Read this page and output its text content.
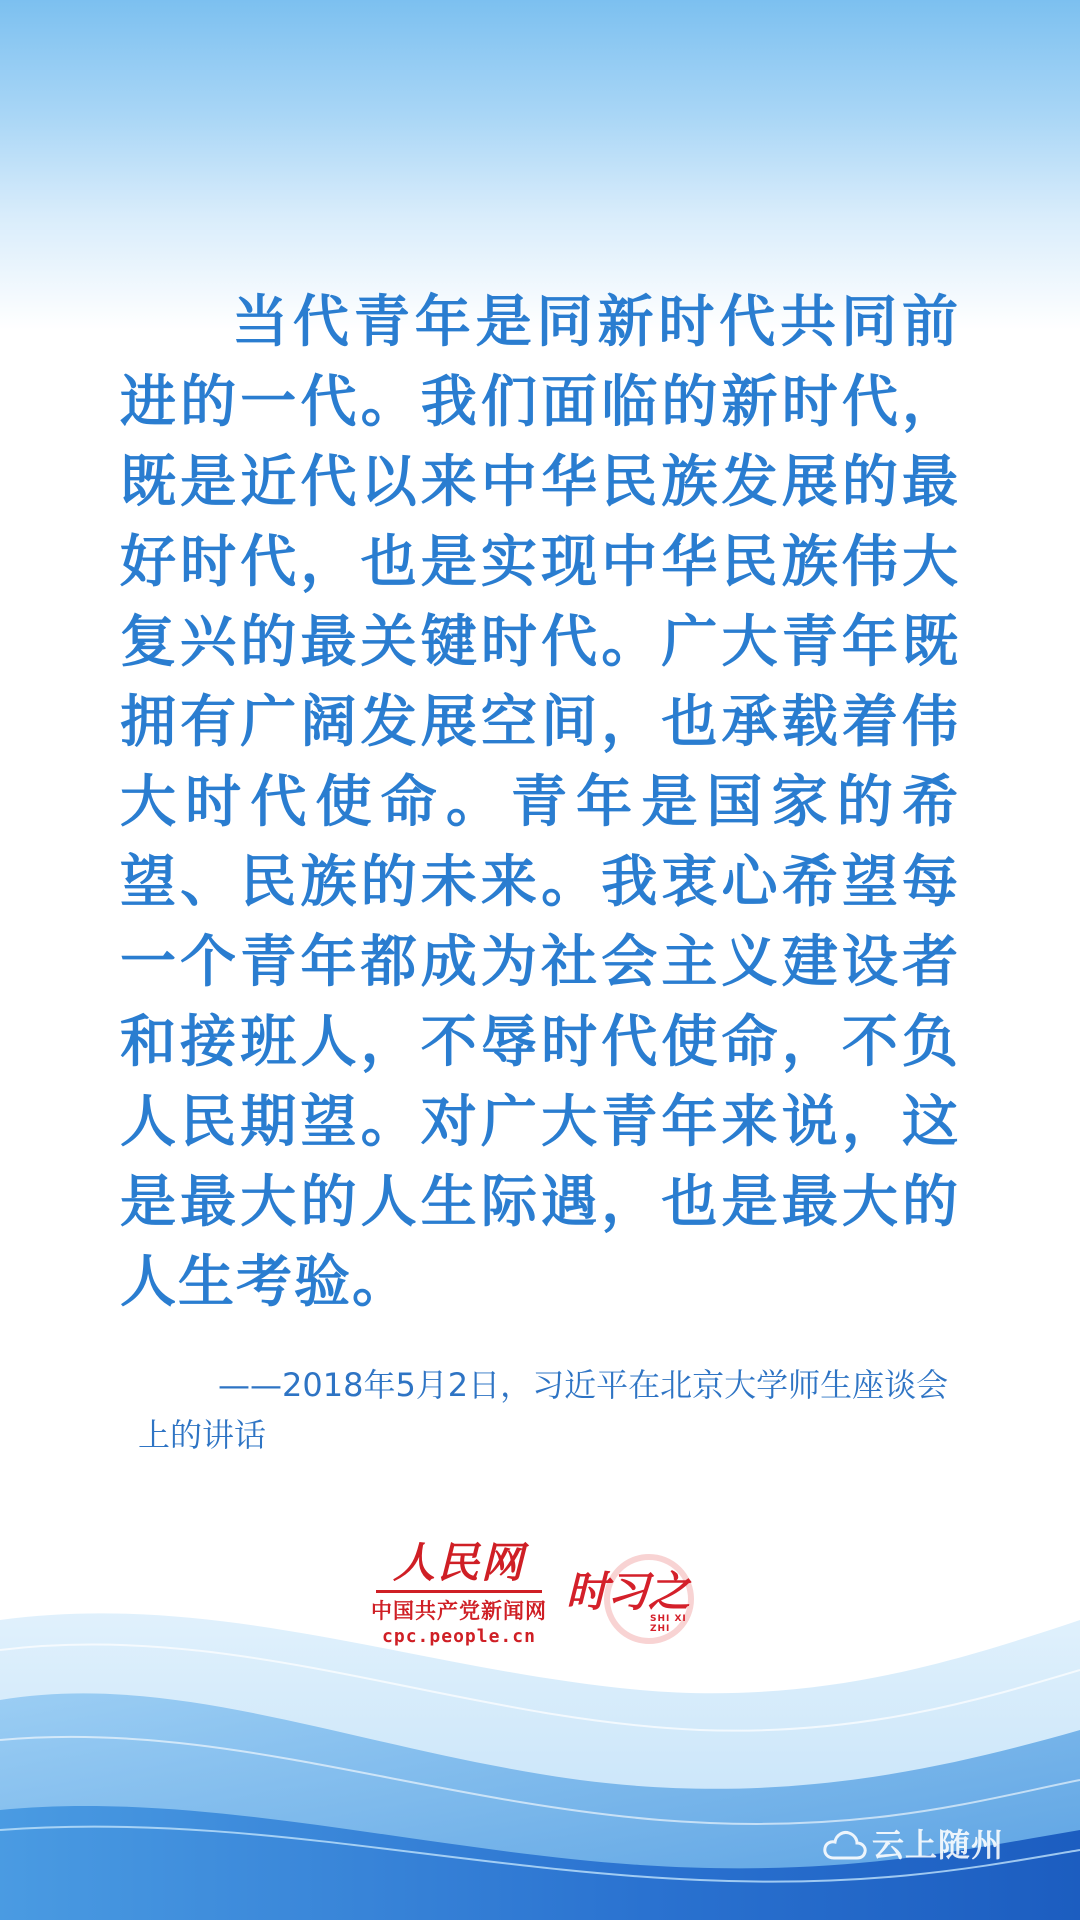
当代青年是同新时代共同前进的一代。我们面临的新时代，既是近代以来中华民族发展的最好时代，也是实现中华民族伟大复兴的最关键时代。广大青年既拥有广阔发展空间，也承载着伟大时代使命。青年是国家的希望、民族的未来。我衷心希望每一个青年都成为社会主义建设者和接班人，不辱时代使命，不负人民期望。对广大青年来说，这是最大的人生际遇，也是最大的人生考验。

——2018年5月2日，习近平在北京大学师生座谈会上的讲话

人民网
中国共产党新闻网
cpc.people.cn
时习之
SHI XI ZHI
云上随州
